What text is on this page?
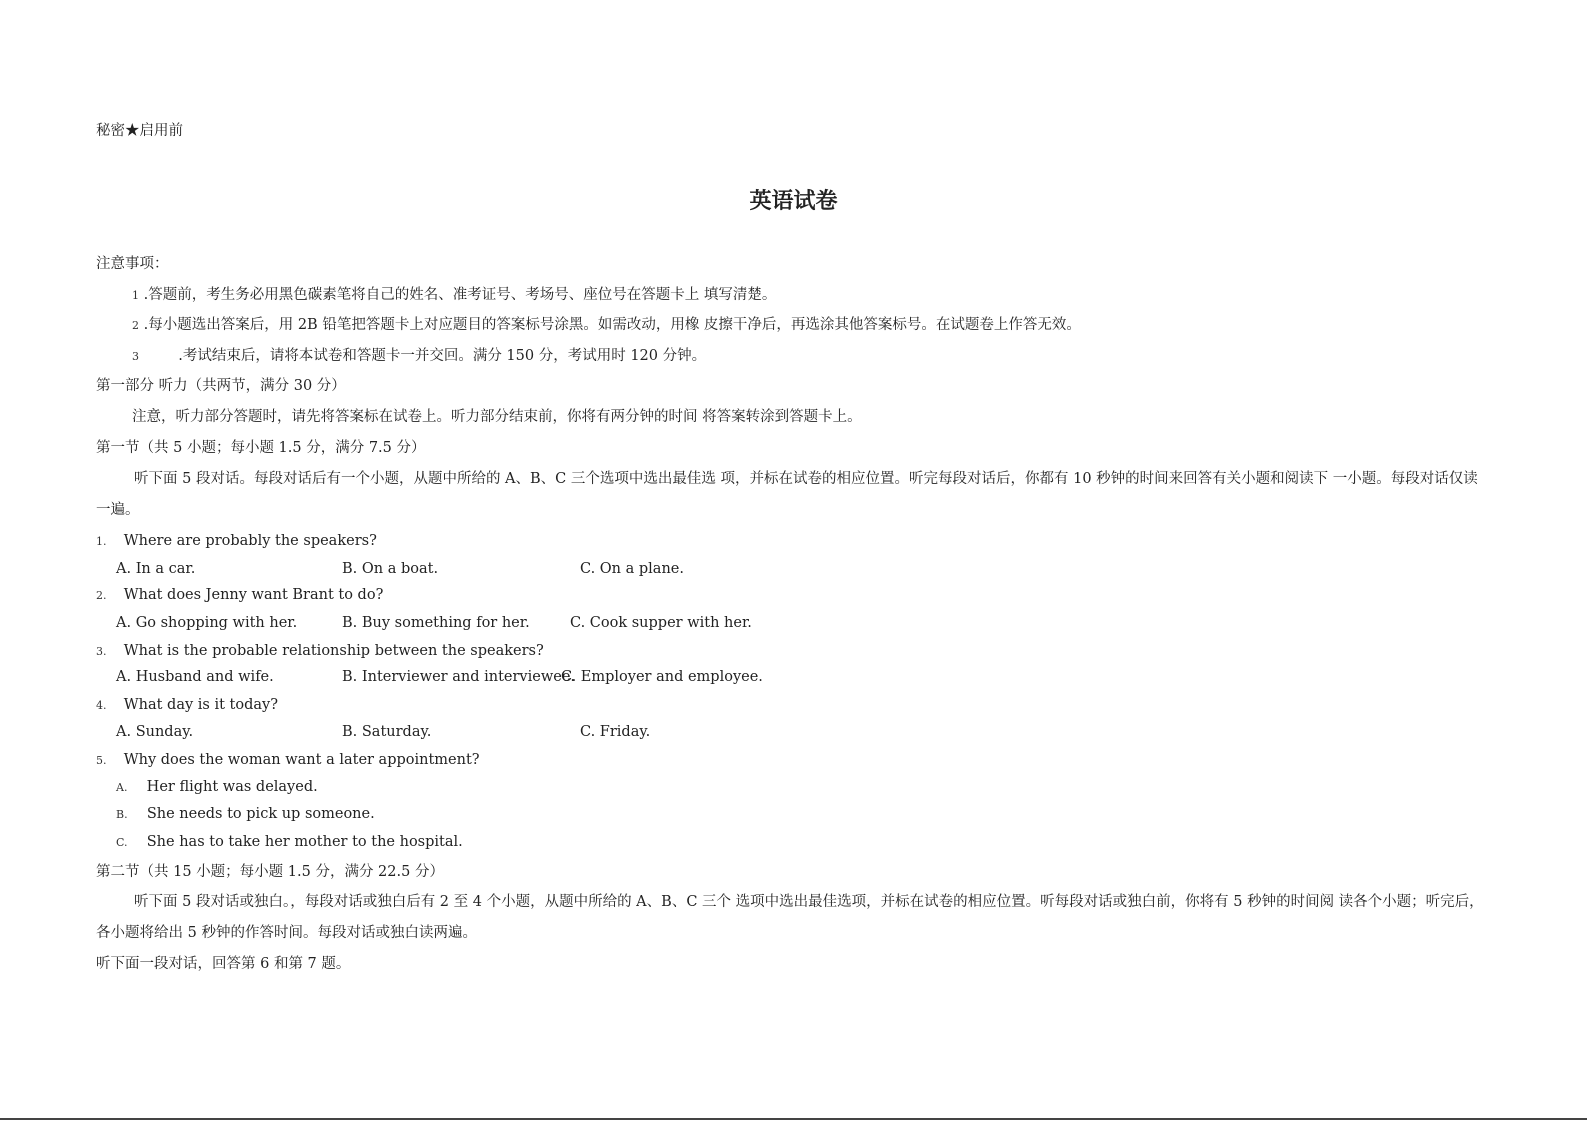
秘密★启用前
英语试卷
注意事项：
1 .答题前，考生务必用黑色碳素笔将自己的姓名、准考证号、考场号、座位号在答题卡上 填写清楚。
2 .每小题选出答案后，用 2B 铅笔把答题卡上对应题目的答案标号涂黑。如需改动，用橡 皮擦干净后，再选涂其他答案标号。在试题卷上作答无效。
3	.考试结束后，请将本试卷和答题卡一并交回。满分 150 分，考试用时 120 分钟。
第一部分 听力（共两节，满分 30 分）
注意，听力部分答题时，请先将答案标在试卷上。听力部分结束前，你将有两分钟的时间 将答案转涂到答题卡上。
第一节（共 5 小题；每小题 1.5 分，满分 7.5 分）
听下面 5 段对话。每段对话后有一个小题，从题中所给的 A、B、C 三个选项中选出最佳选 项，并标在试卷的相应位置。听完每段对话后，你都有 10 秒钟的时间来回答有关小题和阅读下 一小题。每段对话仅读一遍。
1. Where are probably the speakers?
A. In a car.	B. On a boat.	C. On a plane.
2. What does Jenny want Brant to do?
A. Go shopping with her.	B. Buy something for her.	C. Cook supper with her.
3. What is the probable relationship between the speakers?
A. Husband and wife.	B. Interviewer and interviewee.
C. Employer and employee.
4. What day is it today?
A. Sunday.	B. Saturday.	C. Friday.
5. Why does the woman want a later appointment?
A. Her flight was delayed.
B. She needs to pick up someone.
C. She has to take her mother to the hospital.
第二节（共 15 小题；每小题 1.5 分，满分 22.5 分）
听下面 5 段对话或独白。，每段对话或独白后有 2 至 4 个小题，从题中所给的 A、B、C 三个 选项中选出最佳选项，并标在试卷的相应位置。听每段对话或独白前，你将有 5 秒钟的时间阅 读各个小题；听完后，各小题将给出 5 秒钟的作答时间。每段对话或独白读两遍。
听下面一段对话，回答第 6 和第 7 题。
